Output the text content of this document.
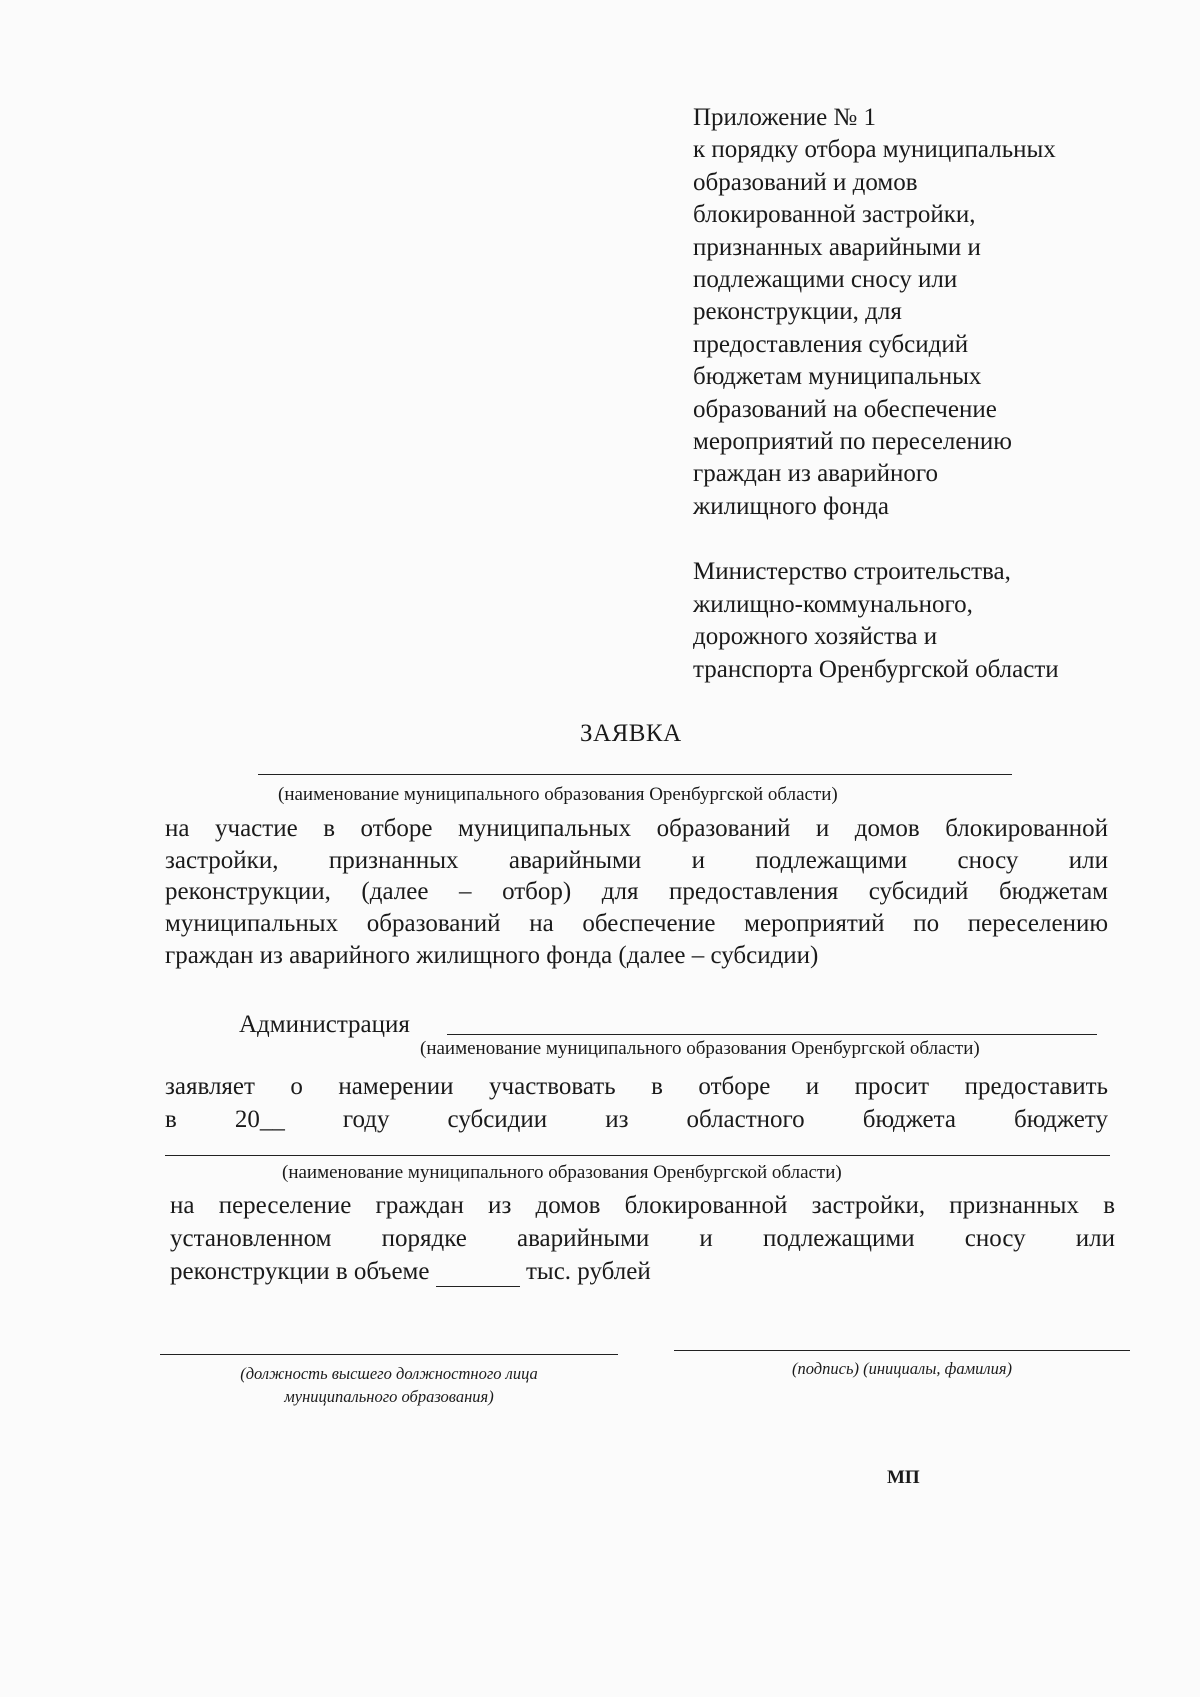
Приложение № 1
к порядку отбора муниципальных
образований и домов
блокированной застройки,
признанных аварийными и
подлежащими сносу или
реконструкции, для
предоставления субсидий
бюджетам муниципальных
образований на обеспечение
мероприятий по переселению
граждан из аварийного
жилищного фонда
Министерство строительства,
жилищно-коммунального,
дорожного хозяйства и
транспорта Оренбургской области
ЗАЯВКА
(наименование муниципального образования Оренбургской области)
на участие в отборе муниципальных образований и домов блокированной
застройки, признанных аварийными и подлежащими сносу или
реконструкции, (далее – отбор) для предоставления субсидий бюджетам
муниципальных образований на обеспечение мероприятий по переселению
граждан из аварийного жилищного фонда (далее – субсидии)
Администрация
(наименование муниципального образования Оренбургской области)
заявляет о намерении участвовать в отборе и просит предоставить
в 20__ году субсидии из областного бюджета бюджету
(наименование муниципального образования Оренбургской области)
на переселение граждан из домов блокированной застройки, признанных в
установленном порядке аварийными и подлежащими сносу или
реконструкции в объеме	тыс. рублей
(должность высшего должностного лица
муниципального образования)
(подпись) (инициалы, фамилия)
МП
